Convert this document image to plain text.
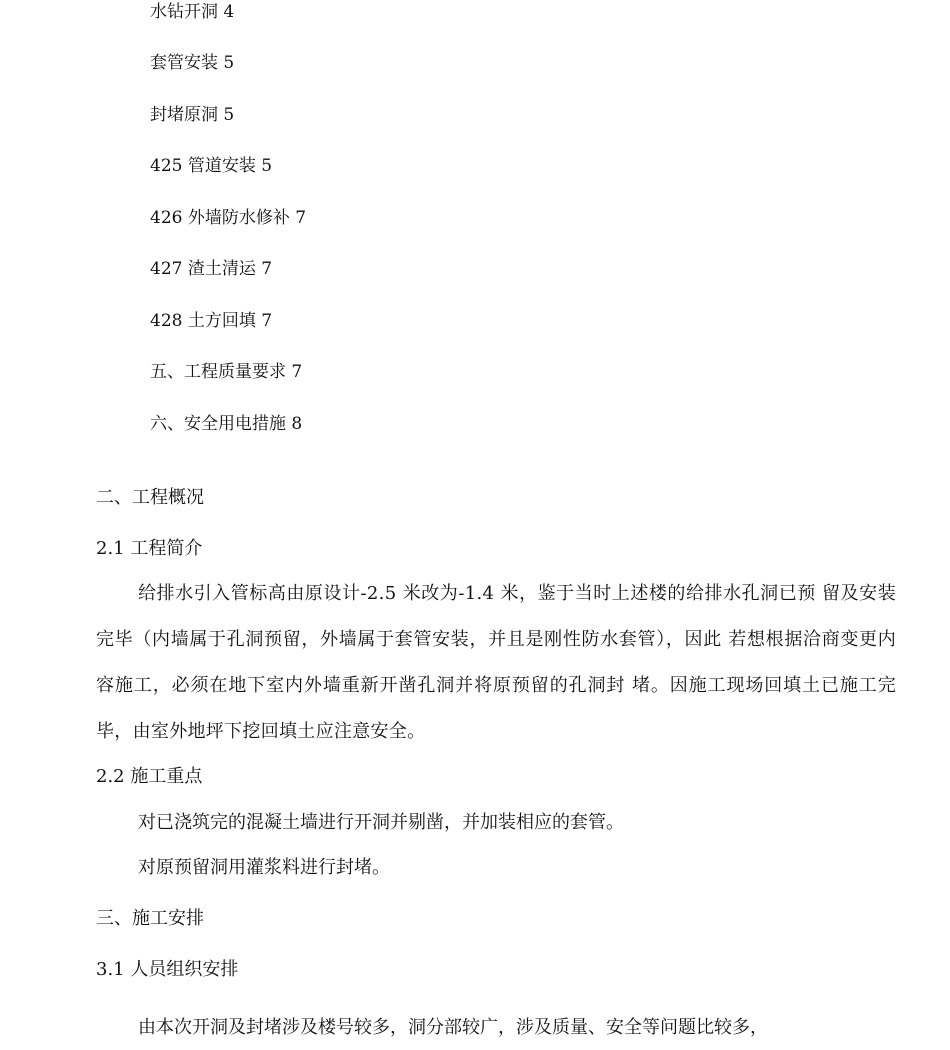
水钻开洞 4
套管安装 5
封堵原洞 5
425 管道安装 5
426 外墙防水修补 7
427 渣土清运 7
428 土方回填 7
五、工程质量要求 7
六、安全用电措施 8
二、工程概况
2.1 工程简介
给排水引入管标高由原设计-2.5 米改为-1.4 米，鉴于当时上述楼的给排水孔洞已预 留及安装完毕（内墙属于孔洞预留，外墙属于套管安装，并且是刚性防水套管），因此 若想根据洽商变更内容施工，必须在地下室内外墙重新开凿孔洞并将原预留的孔洞封 堵。因施工现场回填土已施工完毕，由室外地坪下挖回填土应注意安全。
2.2 施工重点
对已浇筑完的混凝土墙进行开洞并剔凿，并加装相应的套管。
对原预留洞用灌浆料进行封堵。
三、施工安排
3.1 人员组织安排
由本次开洞及封堵涉及楼号较多，洞分部较广，涉及质量、安全等问题比较多，
